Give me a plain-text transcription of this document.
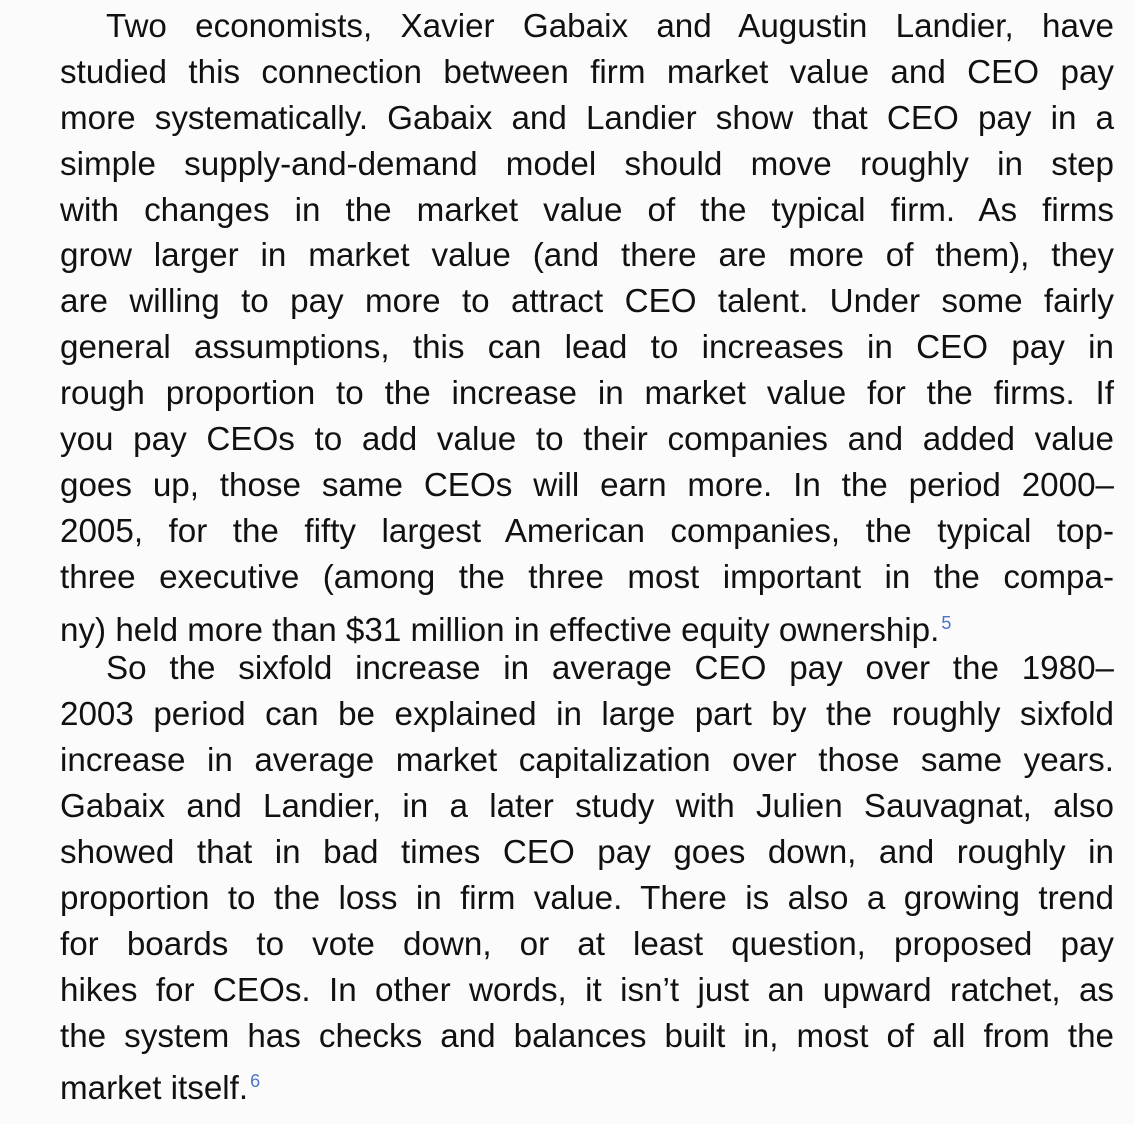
Two economists, Xavier Gabaix and Augustin Landier, have
studied this connection between firm market value and CEO pay
more systematically. Gabaix and Landier show that CEO pay in a
simple supply-and-demand model should move roughly in step
with changes in the market value of the typical firm. As firms
grow larger in market value (and there are more of them), they
are willing to pay more to attract CEO talent. Under some fairly
general assumptions, this can lead to increases in CEO pay in
rough proportion to the increase in market value for the firms. If
you pay CEOs to add value to their companies and added value
goes up, those same CEOs will earn more. In the period 2000–
2005, for the fifty largest American companies, the typical top-
three executive (among the three most important in the compa-
ny) held more than $31 million in effective equity ownership. $^5$
So the sixfold increase in average CEO pay over the 1980–
2003 period can be explained in large part by the roughly sixfold
increase in average market capitalization over those same years.
Gabaix and Landier, in a later study with Julien Sauvagnat, also
showed that in bad times CEO pay goes down, and roughly in
proportion to the loss in firm value. There is also a growing trend
for boards to vote down, or at least question, proposed pay
hikes for CEOs. In other words, it isn’t just an upward ratchet, as
the system has checks and balances built in, most of all from the
market itself. $^6$
